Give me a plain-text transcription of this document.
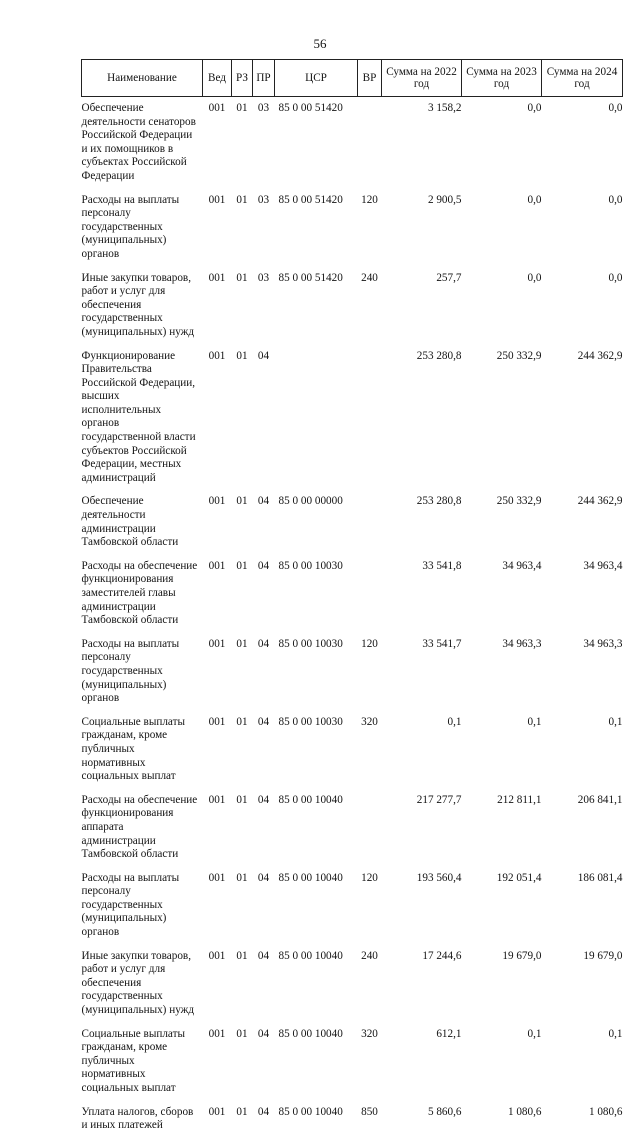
56
Наименование	Вед	РЗ	ПР	ЦСР	ВР	Сумма на 2022 год	Сумма на 2023 год	Сумма на 2024 год

Обеспечение деятельности сенаторов Российской Федерации и их помощников в субъектах Российской Федерации	001	01	03	85 0 00 51420		3 158,2	0,0	0,0

Расходы на выплаты персоналу государственных (муниципальных) органов	001	01	03	85 0 00 51420	120	2 900,5	0,0	0,0

Иные закупки товаров, работ и услуг для обеспечения государственных (муниципальных) нужд	001	01	03	85 0 00 51420	240	257,7	0,0	0,0

Функционирование Правительства Российской Федерации, высших исполнительных органов государственной власти субъектов Российской Федерации, местных администраций	001	01	04			253 280,8	250 332,9	244 362,9

Обеспечение деятельности администрации Тамбовской области	001	01	04	85 0 00 00000		253 280,8	250 332,9	244 362,9

Расходы на обеспечение функционирования заместителей главы администрации Тамбовской области	001	01	04	85 0 00 10030		33 541,8	34 963,4	34 963,4

Расходы на выплаты персоналу государственных (муниципальных) органов	001	01	04	85 0 00 10030	120	33 541,7	34 963,3	34 963,3

Социальные выплаты гражданам, кроме публичных нормативных социальных выплат	001	01	04	85 0 00 10030	320	0,1	0,1	0,1

Расходы на обеспечение функционирования аппарата администрации Тамбовской области	001	01	04	85 0 00 10040		217 277,7	212 811,1	206 841,1

Расходы на выплаты персоналу государственных (муниципальных) органов	001	01	04	85 0 00 10040	120	193 560,4	192 051,4	186 081,4

Иные закупки товаров, работ и услуг для обеспечения государственных (муниципальных) нужд	001	01	04	85 0 00 10040	240	17 244,6	19 679,0	19 679,0

Социальные выплаты гражданам, кроме публичных нормативных социальных выплат	001	01	04	85 0 00 10040	320	612,1	0,1	0,1

Уплата налогов, сборов и иных платежей	001	01	04	85 0 00 10040	850	5 860,6	1 080,6	1 080,6
